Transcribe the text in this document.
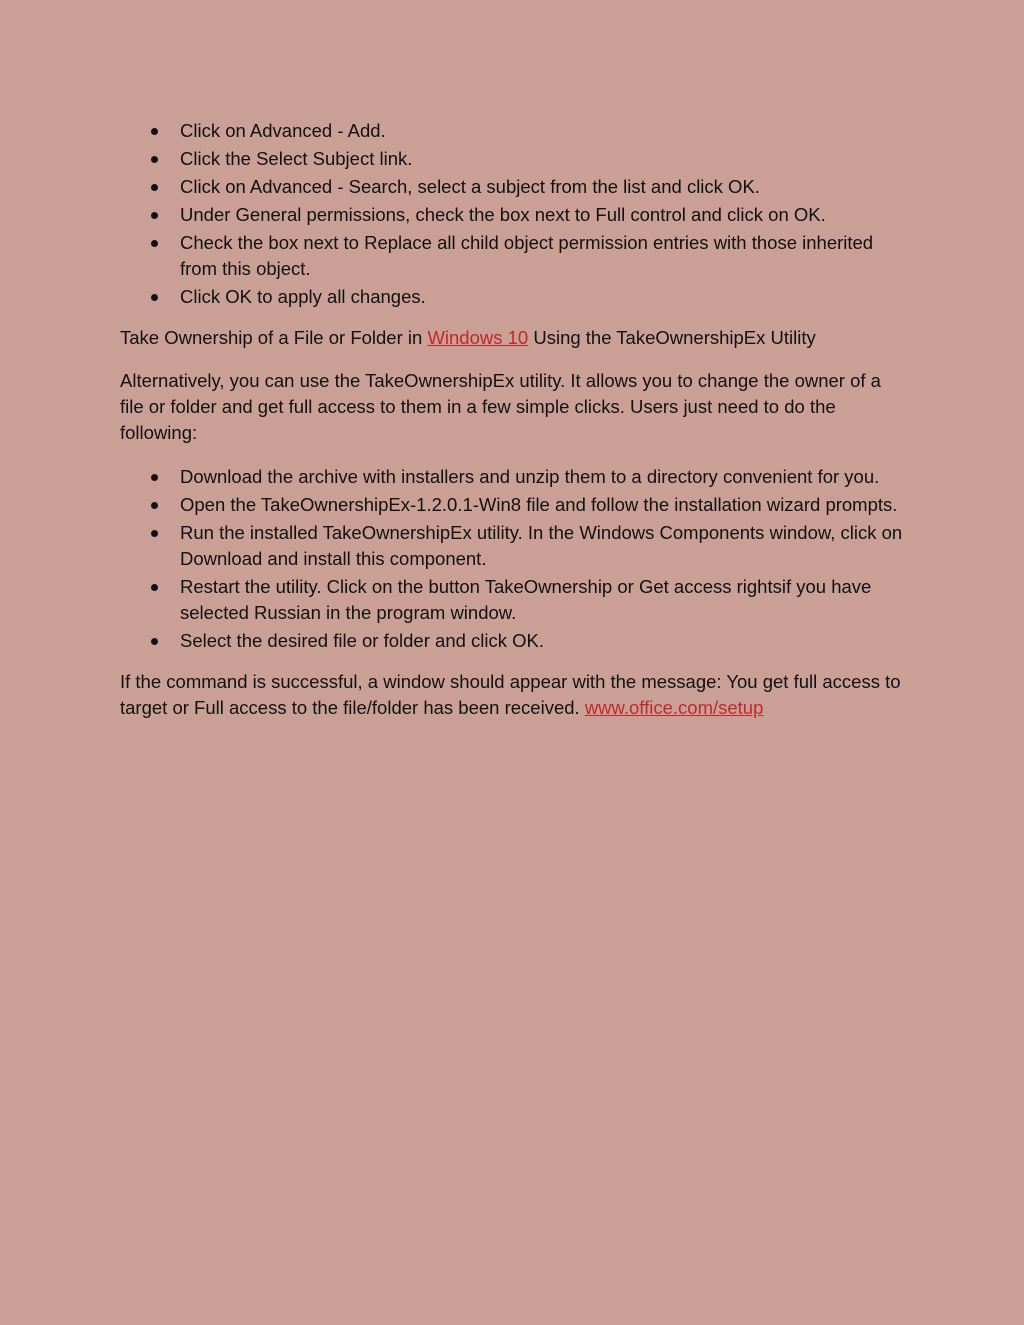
Click on Advanced - Add.
Click the Select Subject link.
Click on Advanced - Search, select a subject from the list and click OK.
Under General permissions, check the box next to Full control and click on OK.
Check the box next to Replace all child object permission entries with those inherited from this object.
Click OK to apply all changes.

Take Ownership of a File or Folder in Windows 10 Using the TakeOwnershipEx Utility

Alternatively, you can use the TakeOwnershipEx utility. It allows you to change the owner of a file or folder and get full access to them in a few simple clicks. Users just need to do the following:

Download the archive with installers and unzip them to a directory convenient for you.
Open the TakeOwnershipEx-1.2.0.1-Win8 file and follow the installation wizard prompts.
Run the installed TakeOwnershipEx utility. In the Windows Components window, click on Download and install this component.
Restart the utility. Click on the button TakeOwnership or Get access rightsif you have selected Russian in the program window.
Select the desired file or folder and click OK.

If the command is successful, a window should appear with the message: You get full access to target or Full access to the file/folder has been received. www.office.com/setup
